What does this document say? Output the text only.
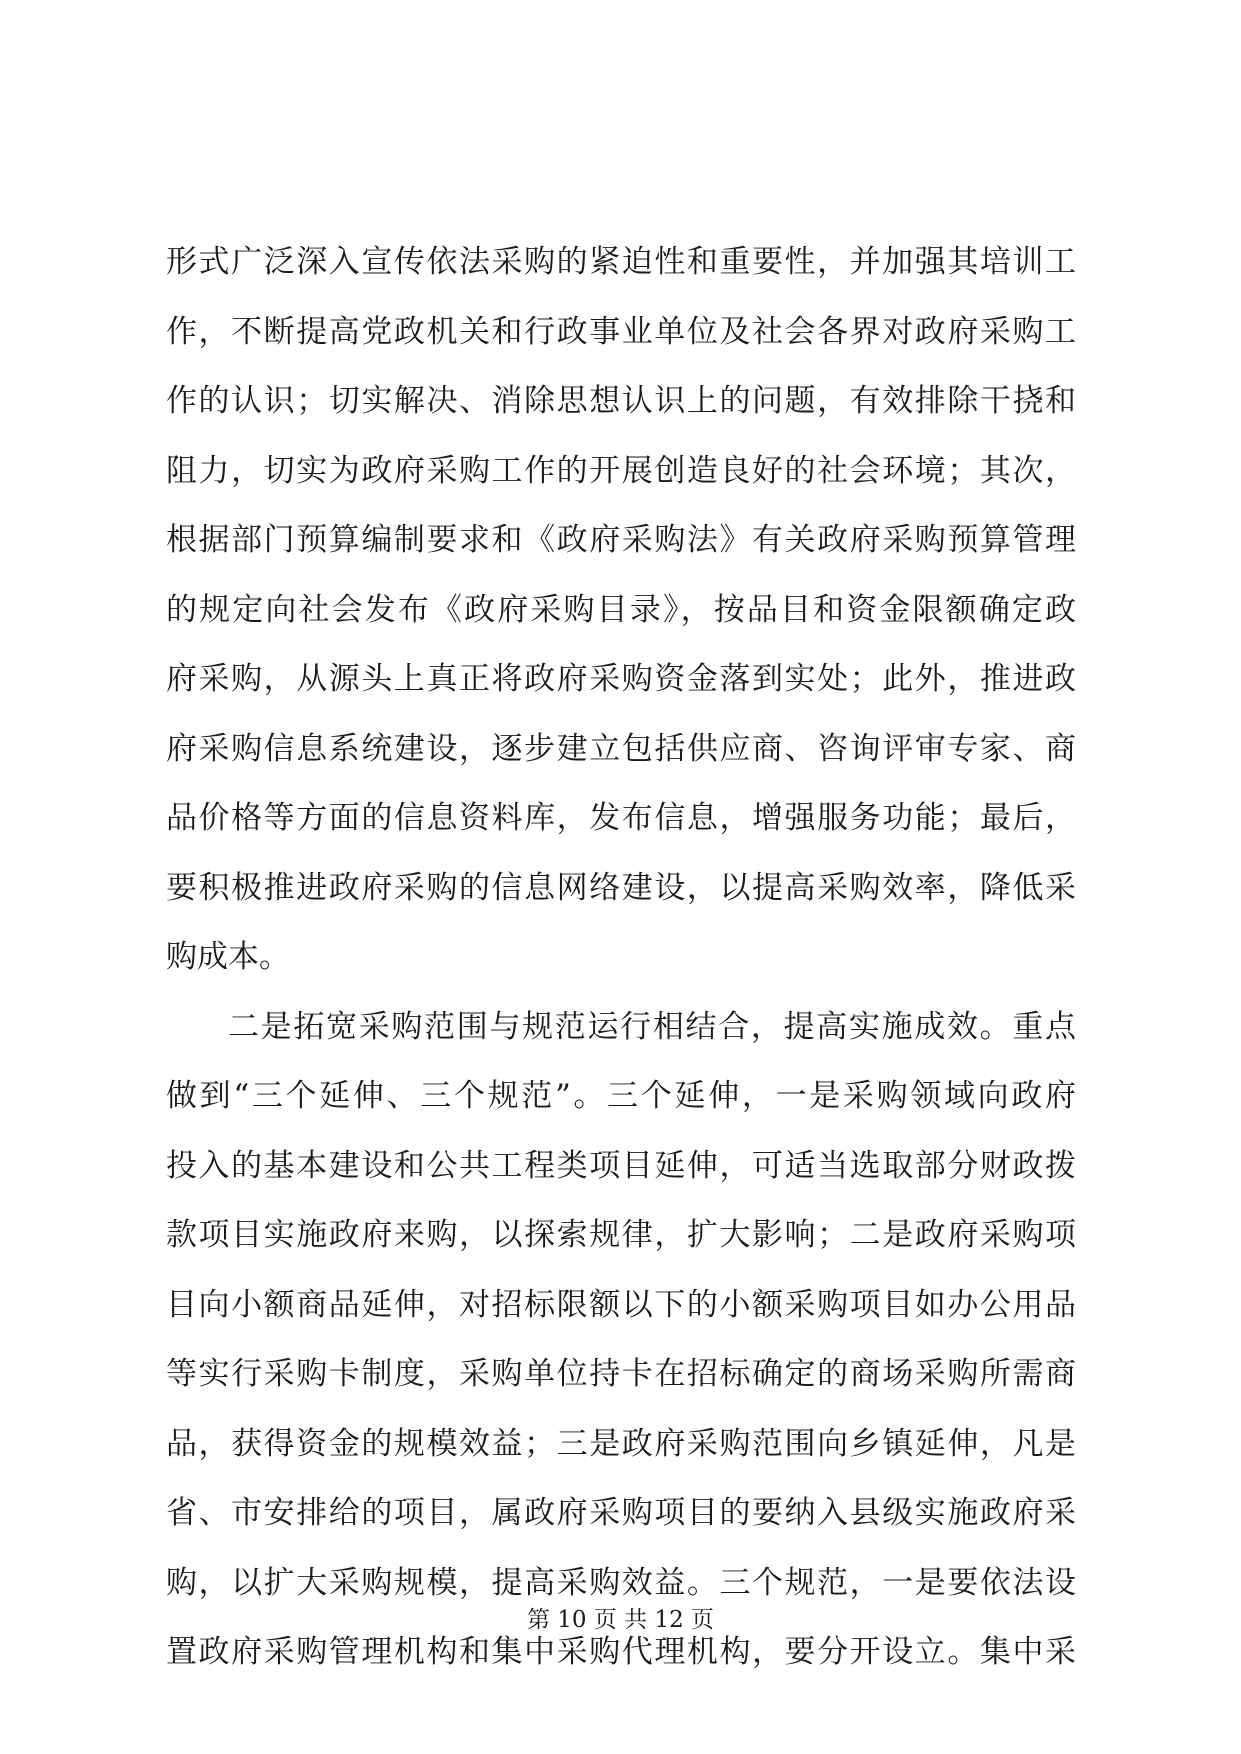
形式广泛深入宣传依法采购的紧迫性和重要性，并加强其培训工
作，不断提高党政机关和行政事业单位及社会各界对政府采购工
作的认识；切实解决、消除思想认识上的问题，有效排除干挠和
阻力，切实为政府采购工作的开展创造良好的社会环境；其次，
根据部门预算编制要求和《政府采购法》有关政府采购预算管理
的规定向社会发布《政府采购目录》，按品目和资金限额确定政
府采购，从源头上真正将政府采购资金落到实处；此外，推进政
府采购信息系统建设，逐步建立包括供应商、咨询评审专家、商
品价格等方面的信息资料库，发布信息，增强服务功能；最后，
要积极推进政府采购的信息网络建设，以提高采购效率，降低采
购成本。
二是拓宽采购范围与规范运行相结合，提高实施成效。重点
做到“三个延伸、三个规范”。三个延伸，一是采购领域向政府
投入的基本建设和公共工程类项目延伸，可适当选取部分财政拨
款项目实施政府来购，以探索规律，扩大影响；二是政府采购项
目向小额商品延伸，对招标限额以下的小额采购项目如办公用品
等实行采购卡制度，采购单位持卡在招标确定的商场采购所需商
品，获得资金的规模效益；三是政府采购范围向乡镇延伸，凡是
省、市安排给的项目，属政府采购项目的要纳入县级实施政府采
购，以扩大采购规模，提高采购效益。三个规范，一是要依法设
置政府采购管理机构和集中采购代理机构，要分开设立。集中采
第 10 页 共 12 页
